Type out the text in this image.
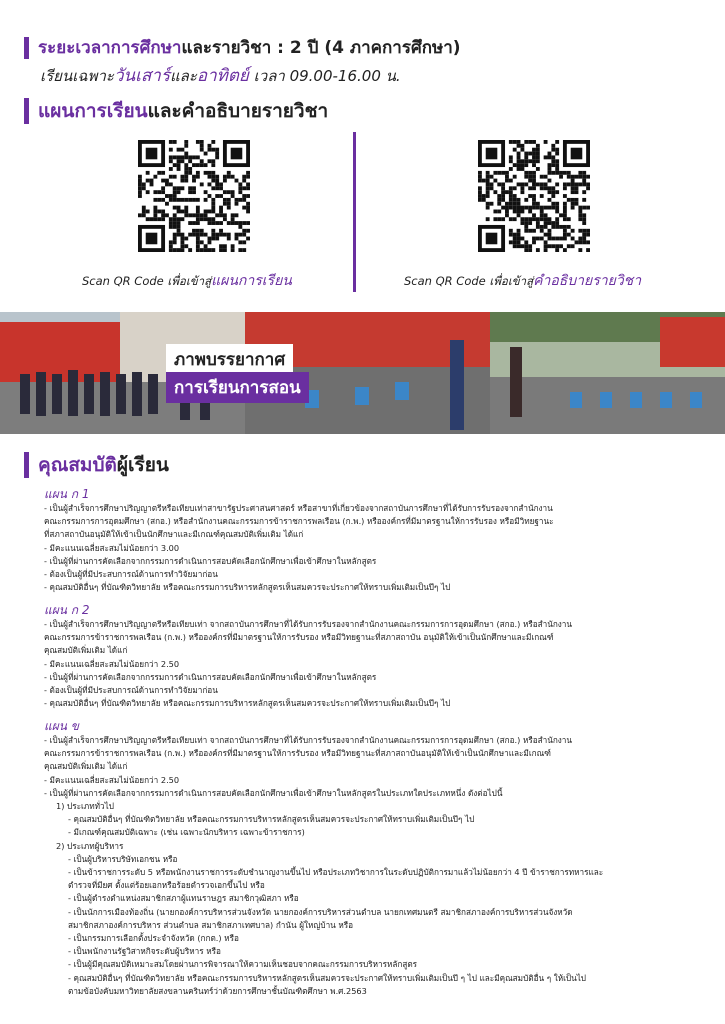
ระยะเวลาการศึกษา และรายวิชา : 2 ปี (4 ภาคการศึกษา)
เรียนเฉพาะวันเสาร์และอาทิตย์ เวลา 09.00-16.00 น.
แผนการเรียน และคำอธิบายรายวิชา
Scan QR Code เพื่อเข้าสู่แผนการเรียน	Scan QR Code เพื่อเข้าสู่คำอธิบายรายวิชา
ภาพบรรยากาศ
การเรียนการสอน
คุณสมบัติ ผู้เรียน
แผน ก 1
- เป็นผู้สำเร็จการศึกษาปริญญาตรีหรือเทียบเท่าสาขารัฐประศาสนศาสตร์ หรือสาขาที่เกี่ยวข้องจากสถาบันการศึกษาที่ได้รับการรับรองจากสำนักงาน
คณะกรรมการการอุดมศึกษา (สกอ.) หรือสำนักงานคณะกรรมการข้าราชการพลเรือน (ก.พ.) หรือองค์กรที่มีมาตรฐานให้การรับรอง หรือมีวิทยฐานะ
ที่สภาสถาบันอนุมัติให้เข้าเป็นนักศึกษาและมีเกณฑ์คุณสมบัติเพิ่มเติม ได้แก่
- มีคะแนนเฉลี่ยสะสมไม่น้อยกว่า 3.00
- เป็นผู้ที่ผ่านการคัดเลือกจากกรรมการดำเนินการสอบคัดเลือกนักศึกษาเพื่อเข้าศึกษาในหลักสูตร
- ต้องเป็นผู้ที่มีประสบการณ์ด้านการทำวิจัยมาก่อน
- คุณสมบัติอื่นๆ ที่บัณฑิตวิทยาลัย หรือคณะกรรมการบริหารหลักสูตรเห็นสมควรจะประกาศให้ทราบเพิ่มเติมเป็นปีๆ ไป
แผน ก 2
- เป็นผู้สำเร็จการศึกษาปริญญาตรีหรือเทียบเท่า จากสถาบันการศึกษาที่ได้รับการรับรองจากสำนักงานคณะกรรมการการอุดมศึกษา (สกอ.) หรือสำนักงาน
คณะกรรมการข้าราชการพลเรือน (ก.พ.) หรือองค์กรที่มีมาตรฐานให้การรับรอง หรือมีวิทยฐานะที่สภาสถาบัน อนุมัติให้เข้าเป็นนักศึกษาและมีเกณฑ์
คุณสมบัติเพิ่มเติม ได้แก่
- มีคะแนนเฉลี่ยสะสมไม่น้อยกว่า 2.50
- เป็นผู้ที่ผ่านการคัดเลือกจากกรรมการดำเนินการสอบคัดเลือกนักศึกษาเพื่อเข้าศึกษาในหลักสูตร
- ต้องเป็นผู้ที่มีประสบการณ์ด้านการทำวิจัยมาก่อน
- คุณสมบัติอื่นๆ ที่บัณฑิตวิทยาลัย หรือคณะกรรมการบริหารหลักสูตรเห็นสมควรจะประกาศให้ทราบเพิ่มเติมเป็นปีๆ ไป
แผน ข
- เป็นผู้สำเร็จการศึกษาปริญญาตรีหรือเทียบเท่า จากสถาบันการศึกษาที่ได้รับการรับรองจากสำนักงานคณะกรรมการการอุดมศึกษา (สกอ.) หรือสำนักงาน
คณะกรรมการข้าราชการพลเรือน (ก.พ.) หรือองค์กรที่มีมาตรฐานให้การรับรอง หรือมีวิทยฐานะที่สภาสถาบันอนุมัติให้เข้าเป็นนักศึกษาและมีเกณฑ์
คุณสมบัติเพิ่มเติม ได้แก่
- มีคะแนนเฉลี่ยสะสมไม่น้อยกว่า 2.50
- เป็นผู้ที่ผ่านการคัดเลือกจากกรรมการดำเนินการสอบคัดเลือกนักศึกษาเพื่อเข้าศึกษาในหลักสูตรในประเภทใดประเภทหนึ่ง ดังต่อไปนี้
1) ประเภททั่วไป
- คุณสมบัติอื่นๆ ที่บัณฑิตวิทยาลัย หรือคณะกรรมการบริหารหลักสูตรเห็นสมควรจะประกาศให้ทราบเพิ่มเติมเป็นปีๆ ไป
- มีเกณฑ์คุณสมบัติเฉพาะ (เช่น เฉพาะนักบริหาร เฉพาะข้าราชการ)
2) ประเภทผู้บริหาร
- เป็นผู้บริหารบริษัทเอกชน หรือ
- เป็นข้าราชการระดับ 5 หรือพนักงานราชการระดับชำนาญงานขึ้นไป หรือประเภทวิชาการในระดับปฏิบัติการมาแล้วไม่น้อยกว่า 4 ปี ข้าราชการทหารและ
ตำรวจที่มียศ ตั้งแต่ร้อยเอกหรือร้อยตำรวจเอกขึ้นไป หรือ
- เป็นผู้ดำรงตำแหน่งสมาชิกสภาผู้แทนราษฎร สมาชิกวุฒิสภา หรือ
- เป็นนักการเมืองท้องถิ่น (นายกองค์การบริหารส่วนจังหวัด นายกองค์การบริหารส่วนตำบล นายกเทศมนตรี สมาชิกสภาองค์การบริหารส่วนจังหวัด
สมาชิกสภาองค์การบริหาร ส่วนตำบล สมาชิกสภาเทศบาล) กำนัน ผู้ใหญ่บ้าน หรือ
- เป็นกรรมการเลือกตั้งประจำจังหวัด (กกต.) หรือ
- เป็นพนักงานรัฐวิสาหกิจระดับผู้บริหาร หรือ
- เป็นผู้มีคุณสมบัติเหมาะสมโดยผ่านการพิจารณาให้ความเห็นชอบจากคณะกรรมการบริหารหลักสูตร
- คุณสมบัติอื่นๆ ที่บัณฑิตวิทยาลัย หรือคณะกรรมการบริหารหลักสูตรเห็นสมควรจะประกาศให้ทราบเพิ่มเติมเป็นปี ๆ ไป และมีคุณสมบัติอื่น ๆ ให้เป็นไป
ตามข้อบังคับมหาวิทยาลัยสงขลานครินทร์ว่าด้วยการศึกษาชั้นบัณฑิตศึกษา พ.ศ.2563
